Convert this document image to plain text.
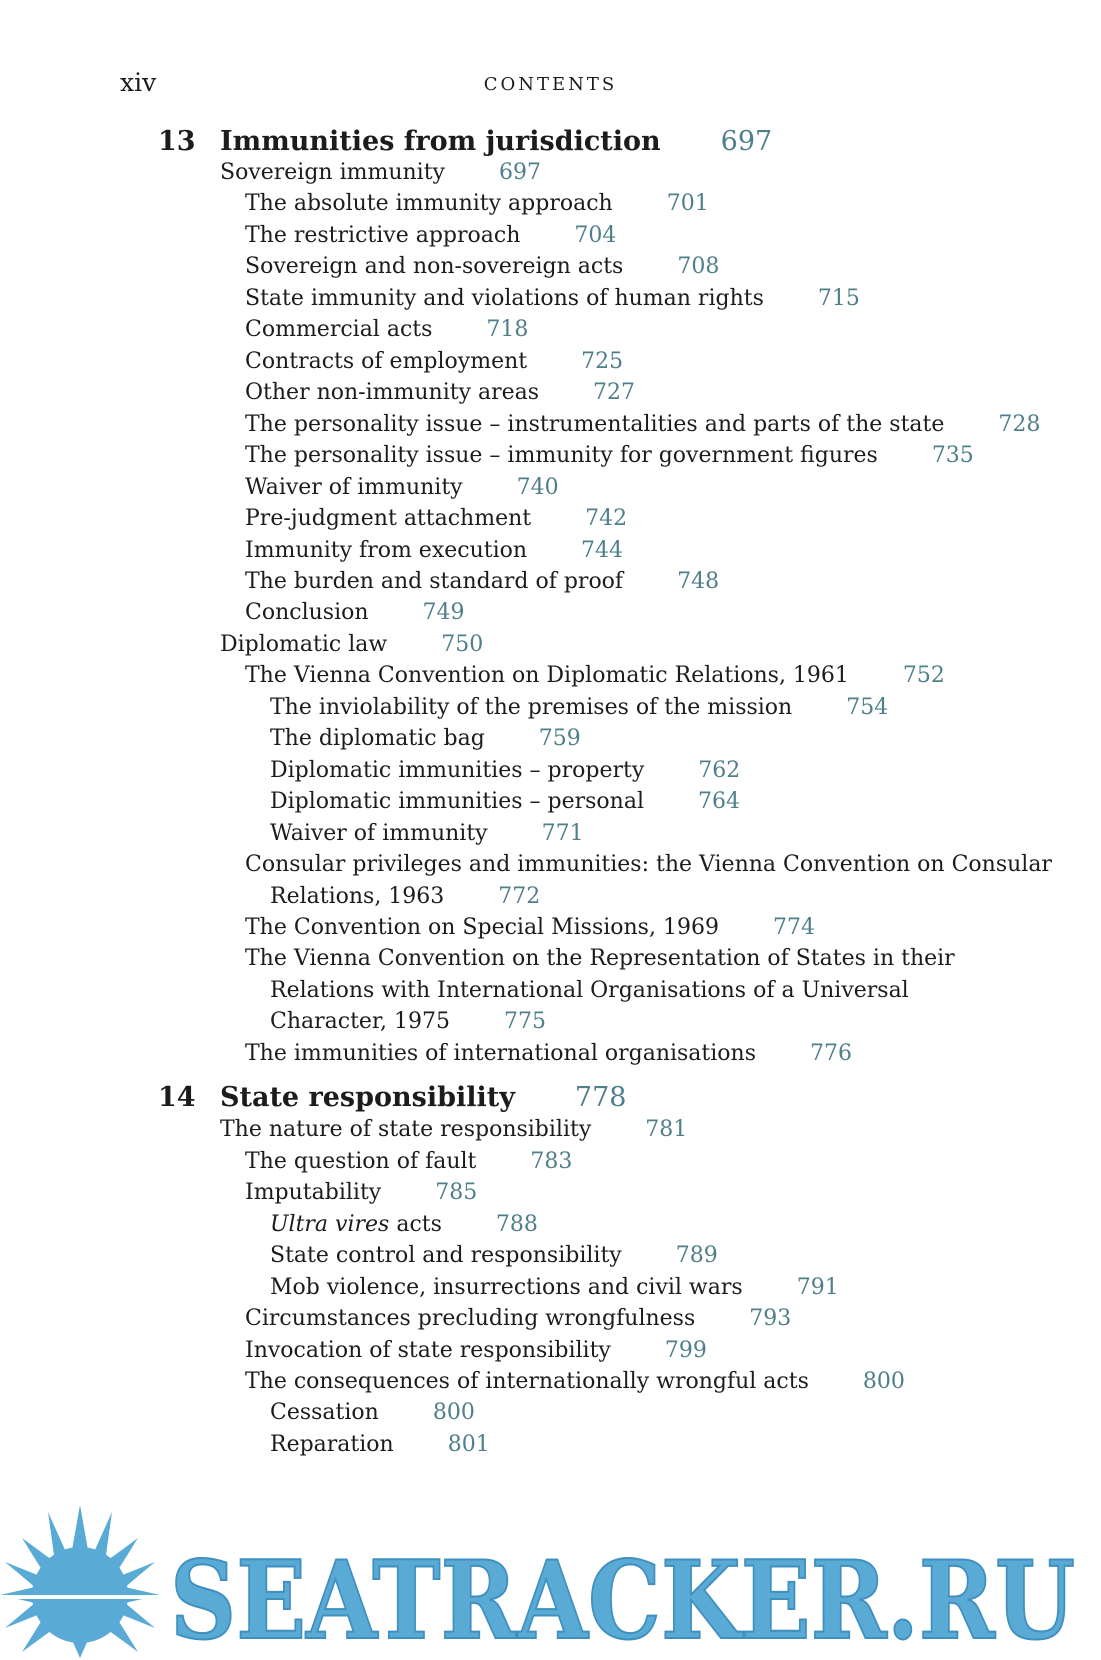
xiv	CONTENTS
13 Immunities from jurisdiction 697
Sovereign immunity 697
The absolute immunity approach 701
The restrictive approach 704
Sovereign and non-sovereign acts 708
State immunity and violations of human rights 715
Commercial acts 718
Contracts of employment 725
Other non-immunity areas 727
The personality issue – instrumentalities and parts of the state 728
The personality issue – immunity for government figures 735
Waiver of immunity 740
Pre-judgment attachment 742
Immunity from execution 744
The burden and standard of proof 748
Conclusion 749
Diplomatic law 750
The Vienna Convention on Diplomatic Relations, 1961 752
The inviolability of the premises of the mission 754
The diplomatic bag 759
Diplomatic immunities – property 762
Diplomatic immunities – personal 764
Waiver of immunity 771
Consular privileges and immunities: the Vienna Convention on Consular
Relations, 1963 772
The Convention on Special Missions, 1969 774
The Vienna Convention on the Representation of States in their
Relations with International Organisations of a Universal
Character, 1975 775
The immunities of international organisations 776
14 State responsibility 778
The nature of state responsibility 781
The question of fault 783
Imputability 785
Ultra vires acts 788
State control and responsibility 789
Mob violence, insurrections and civil wars 791
Circumstances precluding wrongfulness 793
Invocation of state responsibility 799
The consequences of internationally wrongful acts 800
Cessation 800
Reparation 801
SEATRACKER.RU
